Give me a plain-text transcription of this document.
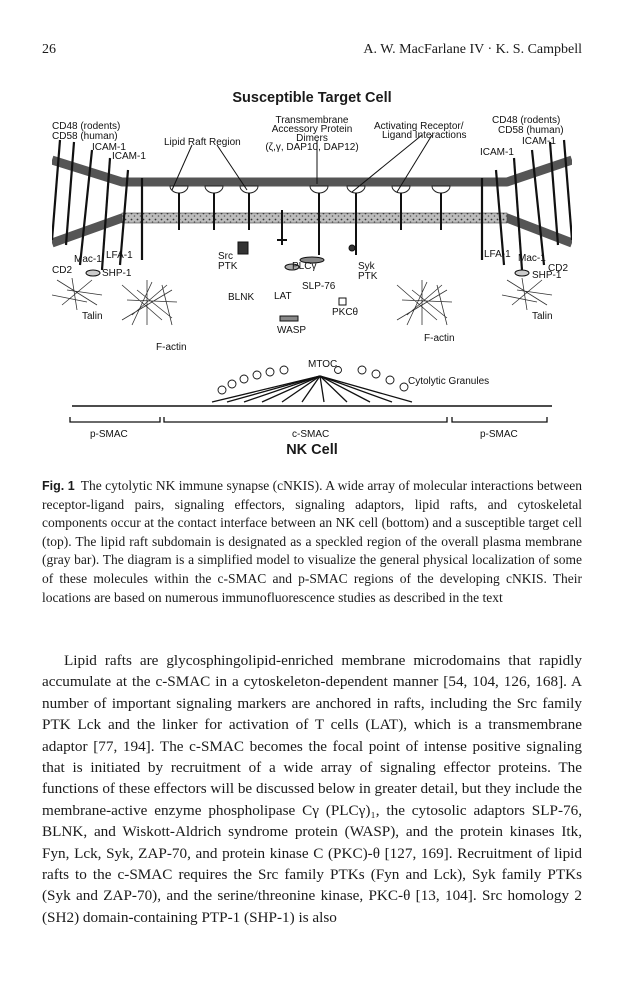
26	A. W. MacFarlane IV · K. S. Campbell
Susceptible Target Cell
NK Cell
CD48 (rodents)
CD58 (human)
ICAM-1
ICAM-1
Lipid Raft Region
Transmembrane
Accessory Protein
Dimers
(ζ,γ, DAP10, DAP12)
Activating Receptor/
Ligand Interactions
CD48 (rodents)
CD58 (human)
ICAM-1
ICAM-1
CD2
Mac-1 LFA-1
SHP-1
Src
PTK	PLCγ	Syk
PTK
LFA-1 Mac-1
CD2
SHP-1
BLNK LAT
SLP-76
PKCθ
WASP
Talin	Talin
F-actin
F-actin
MTOC
Cytolytic Granules
p-SMAC	c-SMAC	p-SMAC
Fig. 1 The cytolytic NK immune synapse (cNKIS). A wide array of molecular interactions between receptor-ligand pairs, signaling effectors, signaling adaptors, lipid rafts, and cytoskeletal components occur at the contact interface between an NK cell (bottom) and a susceptible target cell (top). The lipid raft subdomain is designated as a speckled region of the overall plasma membrane (gray bar). The diagram is a simplified model to visualize the general physical localization of some of these molecules within the c-SMAC and p-SMAC regions of the developing cNKIS. Their locations are based on numerous immunofluorescence studies as described in the text

Lipid rafts are glycosphingolipid-enriched membrane microdomains that rapidly accumulate at the c-SMAC in a cytoskeleton-dependent manner [54, 104, 126, 168]. A number of important signaling markers are anchored in rafts, including the Src family PTK Lck and the linker for activation of T cells (LAT), which is a transmembrane adaptor [77, 194]. The c-SMAC becomes the focal point of intense positive signaling that is initiated by recruitment of a wide array of signaling effector proteins. The functions of these effectors will be discussed below in greater detail, but they include the membrane-active enzyme phospholipase Cγ (PLCγ)₁, the cytosolic adaptors SLP-76, BLNK, and Wiskott-Aldrich syndrome protein (WASP), and the protein kinases Itk, Fyn, Lck, Syk, ZAP-70, and protein kinase C (PKC)-θ [127, 169]. Recruitment of lipid rafts to the c-SMAC requires the Src family PTKs (Fyn and Lck), Syk family PTKs (Syk and ZAP-70), and the serine/threonine kinase, PKC-θ [13, 104]. Src homology 2 (SH2) domain-containing PTP-1 (SHP-1) is also
